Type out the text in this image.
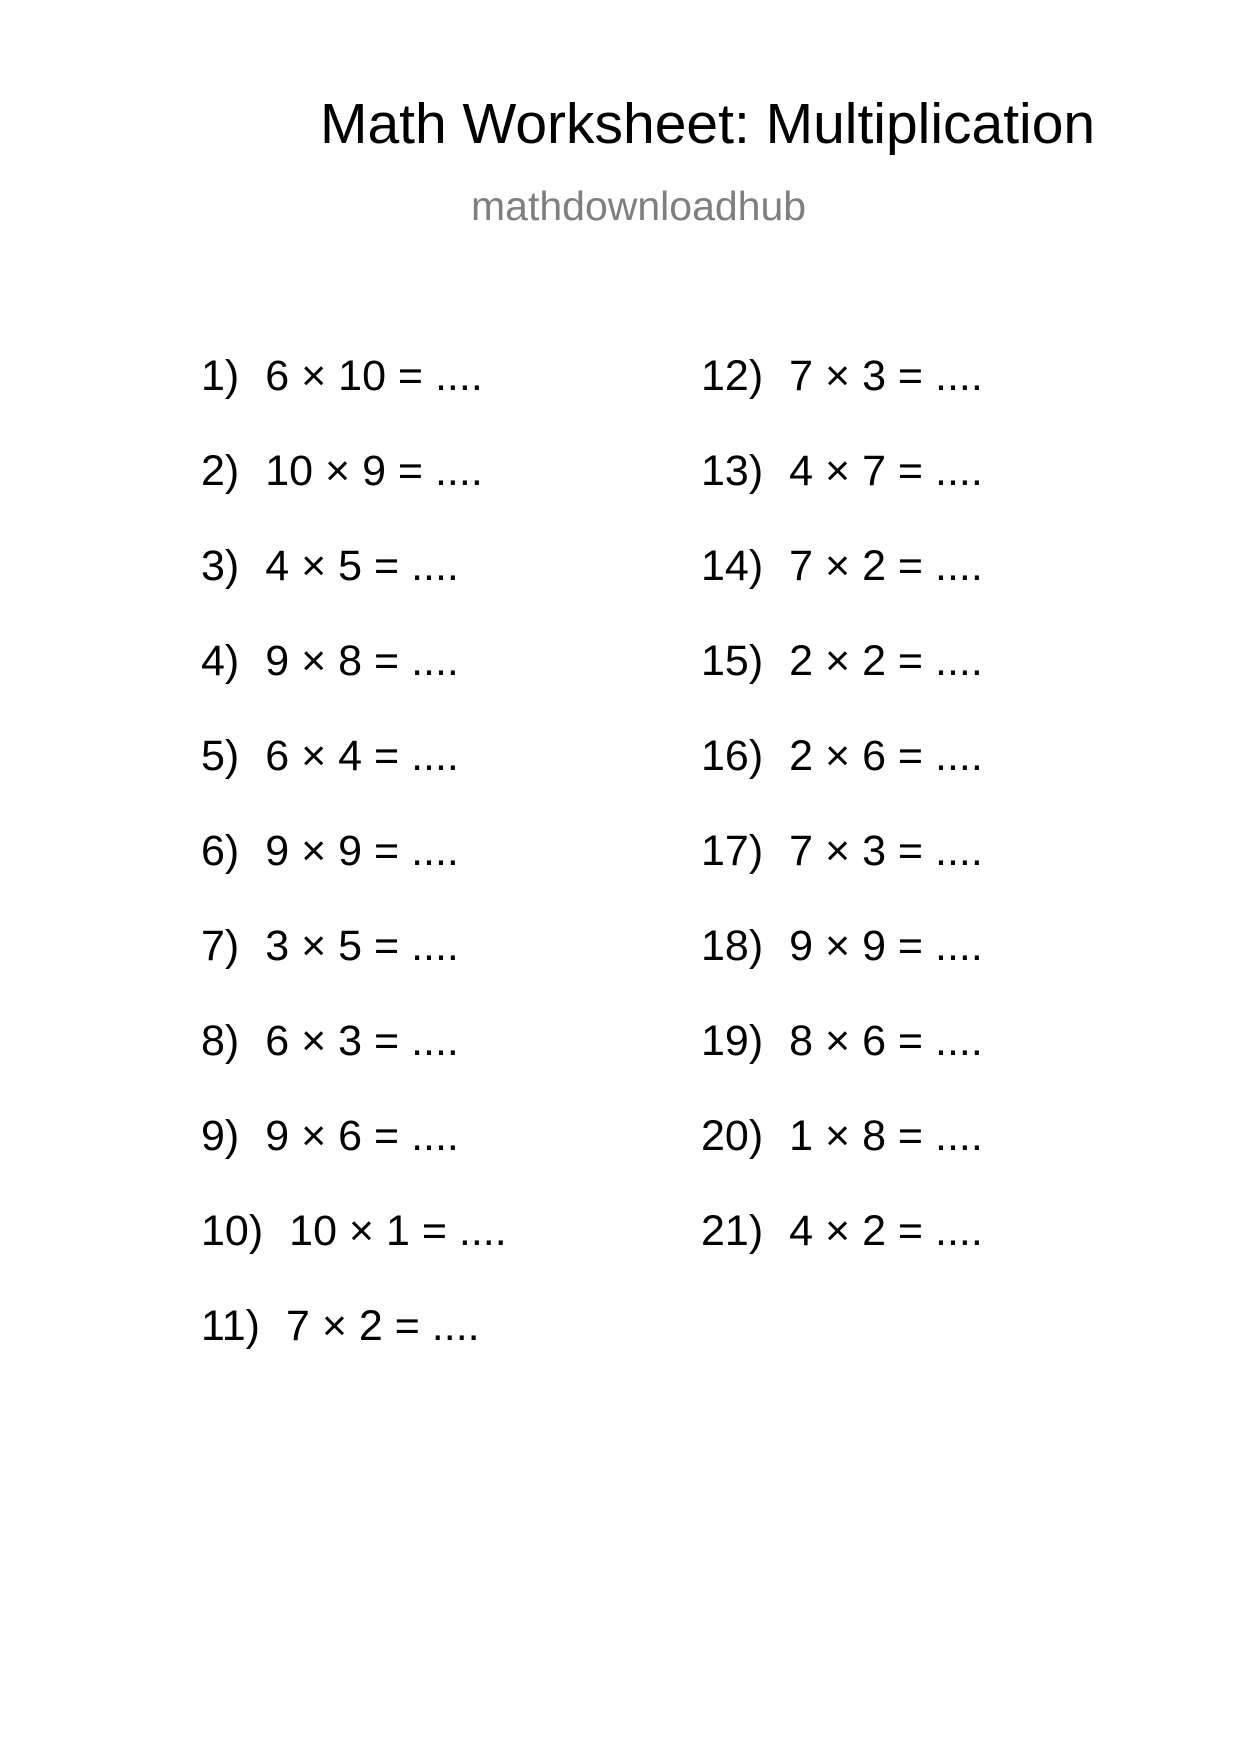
Math Worksheet: Multiplication
mathdownloadhub
1) 6 × 10 = ....
2) 10 × 9 = ....
3) 4 × 5 = ....
4) 9 × 8 = ....
5) 6 × 4 = ....
6) 9 × 9 = ....
7) 3 × 5 = ....
8) 6 × 3 = ....
9) 9 × 6 = ....
10) 10 × 1 = ....
11) 7 × 2 = ....
12) 7 × 3 = ....
13) 4 × 7 = ....
14) 7 × 2 = ....
15) 2 × 2 = ....
16) 2 × 6 = ....
17) 7 × 3 = ....
18) 9 × 9 = ....
19) 8 × 6 = ....
20) 1 × 8 = ....
21) 4 × 2 = ....
